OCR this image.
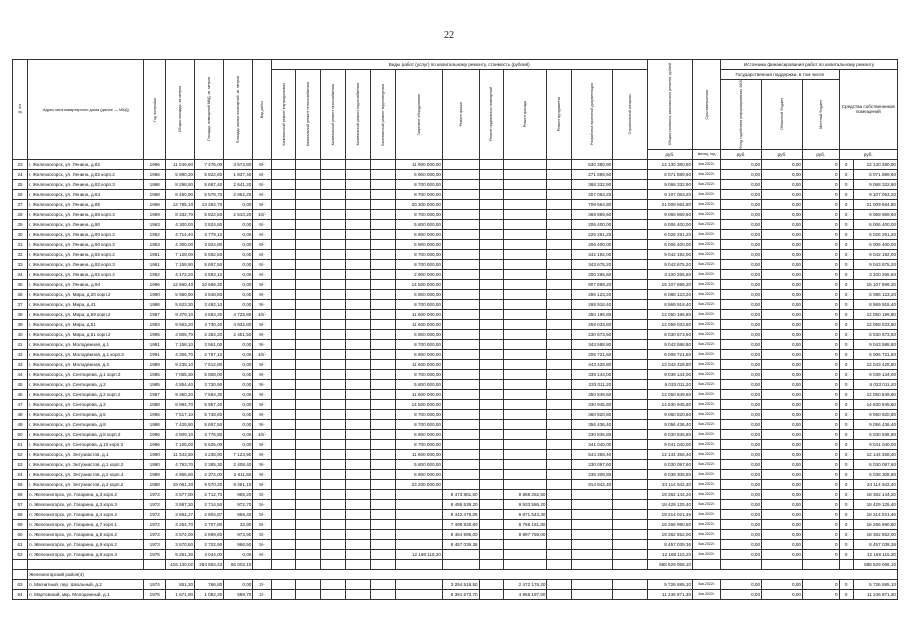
22
№ п/п	Адрес многоквартирного дома (далее — МКД)	Год постройки	Общая площадь, кв.метров	Площадь помещений МКД, кв. метров	Площадь жилых помещений, кв. метров	Вид работ	Виды работ (услуг) по капитальному ремонту, стоимость (рублей)												Общая стоимость капитального ремонта, рублей	Срок завершения	Источники финансирования работ по капитальному ремонту				

							Капитальный ремонт внутридомовых	Капитальный ремонт теплоснабжения	Капитальный ремонт газоснабжения	Капитальный ремонт водоснабжения	Капитальный ремонт водоотведения	Лифтовое оборудование	Ремонт крыши	Ремонт подвальных помещений	Ремонт фасада	Ремонт фундамента	Разработка проектной документации	Строительный контроль			Государственная поддержка, в том числе			Средства собственников помещений	

																					Фонд содействия реформированию ЖКХ	Областной бюджет	Местный бюджет		

																			руб.	месяц, год	руб.	руб.	руб.	руб.	
23	г. Железногорск, ул. Ленина, д.82	1966	11 049,60	7 476,00	3 573,60	6/-						11 900 000,00					530 380,90		12 130 380,90	4кв.2022г.	0,00	0,00	0	0	12 130 380,90
24	г. Железногорск, ул. Ленина, д.82 корп.2	1966	5 890,20	5 822,60	1 837,40	6/-						5 900 000,00					271 889,60		6 071 889,60	4кв.2022г.	0,00	0,00	0	0	6 071 889,60
25	г. Железногорск, ул. Ленина, д.82 корп.3	1966	8 298,60	5 667,40	2 641,20	6/-						8 700 000,00					368 332,90		9 068 332,90	4кв.2022г.	0,00	0,00	0	0	9 068 332,90
26	г. Железногорск, ул. Ленина, д.84	1968	8 450,90	5 578,70	2 862,20	6/-						8 700 000,00					407 063,20		9 107 063,20	4кв.2022г.	0,00	0,00	0	0	9 107 063,20
27	г. Железногорск, ул. Ленина, д.86	1968	14 785,10	13 264,70	0,00	9/-						20 300 000,00					709 664,80		21 009 664,80	4кв.2022г.	0,00	0,00	0	0	21 009 664,80
28	г. Железногорск, ул. Ленина, д.86 корп.3	1969	8 332,70	5 822,50	2 510,20	10/-						8 700 000,00					369 969,60		9 069 969,60	4кв.2022г.	0,00	0,00	0	0	9 069 969,60
29	г. Железногорск, ул. Ленина, д.90	1963	4 300,00	3 824,80	0,00	6/-						5 800 000,00					206 400,00		6 006 400,00	4кв.2022г.	0,00	0,00	0	0	6 006 400,00
30	г. Железногорск, ул. Ленина, д.90 корп.2	1962	4 714,40	3 779,10	0,00	6/-						5 800 000,00					226 291,20		6 026 291,20	4кв.2022г.	0,00	0,00	0	0	6 026 291,20
31	г. Железногорск, ул. Ленина, д.90 корп.3	1963	4 300,00	3 824,80	0,00	6/-						5 800 000,00					206 400,00		6 006 400,00	4кв.2022г.	0,00	0,00	0	0	6 006 400,00
32	г. Железногорск, ул. Ленина, д.92 корп.2	1961	7 128,00	5 662,50	0,00	6/-						8 700 000,00					342 192,00		9 042 192,00	4кв.2022г.	0,00	0,00	0	0	9 042 192,00
33	г. Железногорск, ул. Ленина, д.92 корп.3	1961	7 158,90	5 657,50	0,00	6/-						8 700 000,00					343 675,20		9 043 675,20	4кв.2022г.	0,00	0,00	0	0	9 043 675,20
34	г. Железногорск, ул. Ленина, д.92 корп.4	1962	4 172,20	3 583,10	0,00	6/-						2 900 000,00					200 265,60		3 100 265,60	4кв.2022г.	0,00	0,00	0	0	3 100 265,60
35	г. Железногорск, ул. Ленина, д.94	1996	12 660,40	10 666,30	0,00	9/-						14 500 000,00					607 699,20		15 107 699,20	4кв.2022г.	0,00	0,00	0	0	15 107 699,20
36	г. Железногорск, ул. Мира, д.20 корп.2	1990	5 960,90	3 648,80	0,00	9/-						5 800 000,00					286 123,20		6 086 123,20	4кв.2022г.	0,00	0,00	0	0	6 086 123,20
37	г. Железногорск, ул. Мира, д.41	1986	5 623,30	3 492,10	0,00	9/-						8 700 000,00					269 918,40		8 969 918,40	4кв.2022г.	0,00	0,00	0	0	8 969 918,40
38	г. Железногорск, ул. Мира, д.59 корп.2	1987	9 379,10	4 653,20	4 725,90	10/-						11 600 000,00					450 196,80		12 050 196,80	4кв.2022г.	0,00	0,00	0	0	12 050 196,80
39	г. Железногорск, ул. Мира, д.61	1993	9 563,20	4 730,40	4 832,80	9/-						11 600 000,00					459 033,60		12 059 033,60	4кв.2022г.	0,00	0,00	0	0	12 059 033,60
40	г. Железногорск, ул. Мира, д.61 корп.2	1995	4 806,70	2 354,20	2 451,50	9/-						5 800 000,00					230 673,60		6 030 673,60	4кв.2022г.	0,00	0,00	0	0	6 030 673,60
41	г. Железногорск, ул. Молодежная, д.1	1991	7 158,10	3 561,00	0,00	9/-						8 700 000,00					343 588,80		9 043 588,80	4кв.2022г.	0,00	0,00	0	0	9 043 588,80
42	г. Железногорск, ул. Молодежная, д.1 корп.3	1991	4 306,70	2 787,10	0,00	10/-						5 800 000,00					206 721,60		6 006 721,60	4кв.2022г.	0,00	0,00	0	0	6 006 721,60
43	г. Железногорск, ул. Молодежная, д.2	1989	9 238,10	7 612,80	0,00	9/-						11 600 000,00					443 428,80		12 043 428,80	4кв.2022г.	0,00	0,00	0	0	12 043 428,80
44	г. Железногорск, ул. Сентюрева, д.1 корп.3	1985	7 065,30	5 908,00	0,00	9/-						8 700 000,00					339 144,00		9 039 144,00	4кв.2022г.	0,00	0,00	0	0	9 039 144,00
45	г. Железногорск, ул. Сентюрева, д.2	1985	4 854,40	3 730,90	0,00	9/-						5 800 000,00					233 011,20		6 033 011,20	4кв.2022г.	0,00	0,00	0	0	6 033 011,20
46	г. Железногорск, ул. Сентюрева, д.2 корп.2	1987	9 360,20	7 594,30	0,00	9/-						11 600 000,00					450 849,60		12 050 849,60	4кв.2022г.	0,00	0,00	0	0	12 050 849,60
47	г. Железногорск, ул. Сентюрева, д.3	1988	6 894,70	5 957,40	0,00	9/-						14 500 000,00					330 945,60		14 830 945,60	4кв.2022г.	0,00	0,00	0	0	14 830 945,60
48	г. Железногорск, ул. Сентюрева, д.5	1986	7 517,10	5 748,60	0,00	9/-						8 700 000,00					360 820,80		9 060 820,80	4кв.2022г.	0,00	0,00	0	0	9 060 820,80
49	г. Железногорск, ул. Сентюрева, д.8	1986	7 425,90	5 657,50	0,00	9/-						8 700 000,00					356 436,40		9 056 436,40	4кв.2022г.	0,00	0,00	0	0	9 056 436,40
50	г. Железногорск, ул. Сентюрева, д.8 корп.3	1986	4 809,10	3 776,80	0,00	10/-						5 800 000,00					230 836,80		6 030 836,80	4кв.2022г.	0,00	0,00	0	0	6 030 836,80
51	г. Железногорск, ул. Сентюрева, д.10 корп.3	1986	7 105,00	5 625,00	0,00	9/-						8 700 000,00					341 040,00		9 041 040,00	4кв.2022г.	0,00	0,00	0	0	9 041 040,00
52	г. Железногорск, ул. Энтузиастов, д.1	1990	11 343,50	4 236,90	7 123,90	9/-						11 600 000,00					544 358,40		12 144 358,40	4кв.2022г.	0,00	0,00	0	0	12 144 358,40
53	г. Железногорск, ул. Энтузиастов, д.1 корп.2	1990	4 793,70	2 385,30	2 408,40	9/-						5 800 000,00					230 097,60		6 030 097,60	4кв.2022г.	0,00	0,00	0	0	6 030 097,60
54	г. Железногорск, ул. Энтузиастов, д.2 корп.4	1989	4 965,60	2 374,00	2 611,60	9/-						5 800 000,00					238 308,80		6 038 308,80	4кв.2022г.	0,00	0,00	0	0	6 038 308,80
55	г. Железногорск, ул. Энтузиастов, д.2 корп.2	1988	19 061,30	9 570,20	9 491,10	9/-						23 200 000,00					914 942,40		24 114 942,40	4кв.2022г.	0,00	0,00	0	0	24 114 942,40
56	п. Железногорск, ул. Гагарина, д.3 корп.2	1972	3 677,90	2 712,70	965,20	5/-							8 473 881,60		9 888 262,50				18 362 144,20	4кв.2022г.	0,00	0,00	0	0	18 362 144,20
57	п. Железногорск, ул. Гагарина, д.3 корп.3	1972	3 687,30	2 714,50	972,70	5/-							8 495 539,20		9 933 586,20				18 429 125,40	4кв.2022г.	0,00	0,00	0	0	18 429 125,40
58	п. Железногорск, ул. Гагарина, д.4 корп.2	1972	3 664,27	2 804,87	859,40	5/-							8 442 478,08		9 871 543,30				18 314 021,46	4кв.2022г.	0,00	0,00	0	0	18 314 021,46
59	п. Железногорск, ул. Гагарина, д.7 корп.1	1972	3 254,70	2 707,80	33,90	5/-							7 498 828,80		8 768 161,80				16 266 990,60	4кв.2022г.	0,00	0,00	0	0	16 266 990,60
60	п. Железногорск, ул. Гагарина, д.8 корп.2	1972	3 674,00	2 699,60	973,90	5/-							8 464 896,00		9 897 756,00				18 362 652,00	4кв.2022г.	0,00	0,00	0	0	18 362 652,00
61	п. Железногорск, ул. Гагарина, д.9 корп.2	1973	3 670,50	2 702,90	966,50	5/-							8 457 039,36						8 457 039,36	4кв.2022г.	0,00	0,00	0	0	8 457 039,36
62	п. Железногорск, ул. Гагарина, д.9 корп.3	1975	5 261,30	4 044,00	0,00	6/-						12 168 115,20							12 168 115,20	4кв.2022г.	0,00	0,00	0	0	12 168 115,20
			416 130,02	284 864,43	65 002,10														588 629 066,10						588 529 066,10
	Железногорский район(4)																								
63	п. Магнитный, пер. Школьный, д.2	1974	851,30	766,80	0,00	2/-							3 254 518,50		2 472 176,20				5 726 695,10	4кв.2022г.	0,00	0,00	0	0	5 726 695,10
64	п. Мартовский, мкр. Молодежный, д.1	1975	1 671,90	1 082,20	589,70	2/-							6 391 673,70		4 855 197,60				11 246 871,30	4кв.2022г.	0,00	0,00	0	0	11 246 871,30
